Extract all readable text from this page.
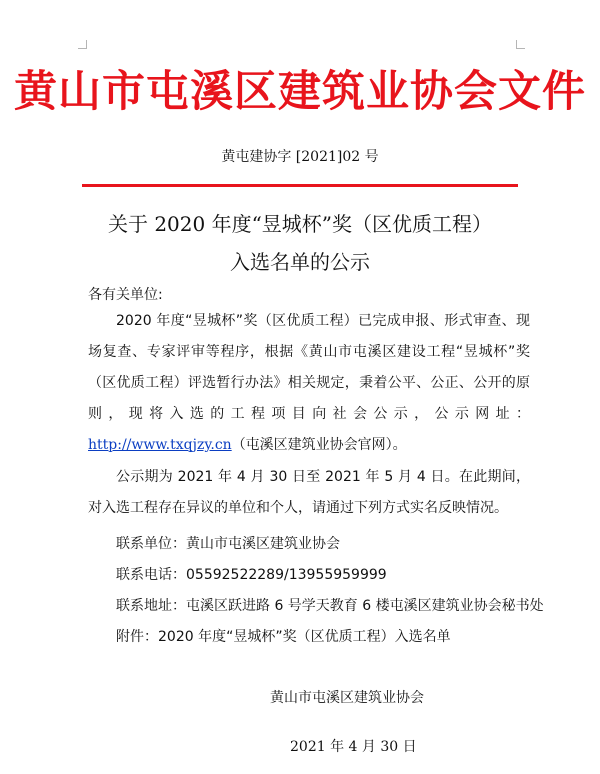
黄山市屯溪区建筑业协会文件
黄屯建协字 [2021]02 号
关于 2020 年度“昱城杯”奖（区优质工程）
入选名单的公示
各有关单位:
2020 年度“昱城杯”奖（区优质工程）已完成申报、形式审查、现场复查、专家评审等程序，根据《黄山市屯溪区建设工程“昱城杯”奖（区优质工程）评选暂行办法》相关规定，秉着公平、公正、公开的原则，现将入选的工程项目向社会公示，公示网址：http://www.txqjzy.cn（屯溪区建筑业协会官网）。
公示期为 2021 年 4 月 30 日至 2021 年 5 月 4 日。在此期间，对入选工程存在异议的单位和个人，请通过下列方式实名反映情况。
联系单位：黄山市屯溪区建筑业协会
联系电话：05592522289/13955959999
联系地址：屯溪区跃进路 6 号学天教育 6 楼屯溪区建筑业协会秘书处
附件：2020 年度“昱城杯”奖（区优质工程）入选名单
黄山市屯溪区建筑业协会
2021 年 4 月 30 日
